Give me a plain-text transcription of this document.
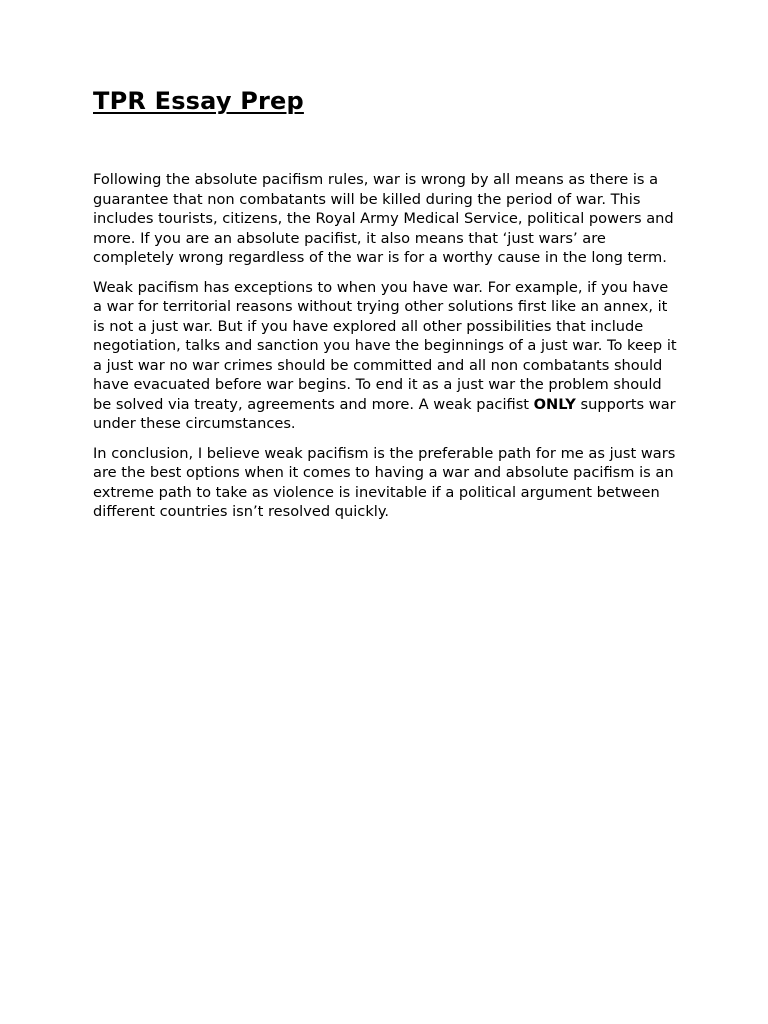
TPR Essay Prep

Following the absolute pacifism rules, war is wrong by all means as there is a guarantee that non combatants will be killed during the period of war. This includes tourists, citizens, the Royal Army Medical Service, political powers and more. If you are an absolute pacifist, it also means that ‘just wars’ are completely wrong regardless of the war is for a worthy cause in the long term.

Weak pacifism has exceptions to when you have war. For example, if you have a war for territorial reasons without trying other solutions first like an annex, it is not a just war. But if you have explored all other possibilities that include negotiation, talks and sanction you have the beginnings of a just war. To keep it a just war no war crimes should be committed and all non combatants should have evacuated before war begins. To end it as a just war the problem should be solved via treaty, agreements and more. A weak pacifist ONLY supports war under these circumstances.

In conclusion, I believe weak pacifism is the preferable path for me as just wars are the best options when it comes to having a war and absolute pacifism is an extreme path to take as violence is inevitable if a political argument between different countries isn’t resolved quickly.
